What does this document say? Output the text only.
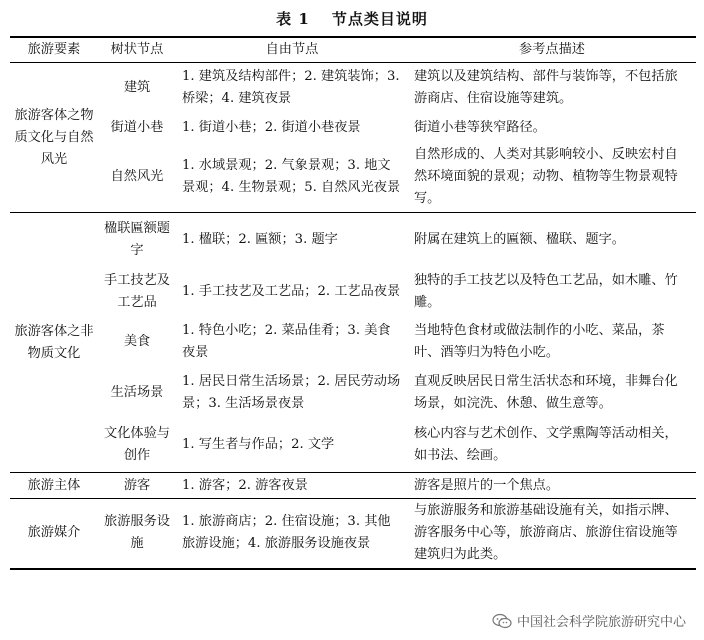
表 1 节点类目说明
旅游要素	树状节点	自由节点	参考点描述
旅游客体之物质文化与自然风光	建筑	1. 建筑及结构部件；2. 建筑装饰；3. 桥梁；4. 建筑夜景	建筑以及建筑结构、部件与装饰等，不包括旅游商店、住宿设施等建筑。
	街道小巷	1. 街道小巷；2. 街道小巷夜景	街道小巷等狭窄路径。
	自然风光	1. 水域景观；2. 气象景观；3. 地文景观；4. 生物景观；5. 自然风光夜景	自然形成的、人类对其影响较小、反映宏村自然环境面貌的景观；动物、植物等生物景观特写。
旅游客体之非物质文化	楹联匾额题字	1. 楹联；2. 匾额；3. 题字	附属在建筑上的匾额、楹联、题字。
	手工技艺及工艺品	1. 手工技艺及工艺品；2. 工艺品夜景	独特的手工技艺以及特色工艺品，如木雕、竹雕。
	美食	1. 特色小吃；2. 菜品佳肴；3. 美食夜景	当地特色食材或做法制作的小吃、菜品，茶叶、酒等归为特色小吃。
	生活场景	1. 居民日常生活场景；2. 居民劳动场景；3. 生活场景夜景	直观反映居民日常生活状态和环境，非舞台化场景，如浣洗、休憩、做生意等。
	文化体验与创作	1. 写生者与作品；2. 文学	核心内容与艺术创作、文学熏陶等活动相关，如书法、绘画。
旅游主体	游客	1. 游客；2. 游客夜景	游客是照片的一个焦点。
旅游媒介	旅游服务设施	1. 旅游商店；2. 住宿设施；3. 其他旅游设施；4. 旅游服务设施夜景	与旅游服务和旅游基础设施有关，如指示牌、游客服务中心等，旅游商店、旅游住宿设施等建筑归为此类。
中国社会科学院旅游研究中心
